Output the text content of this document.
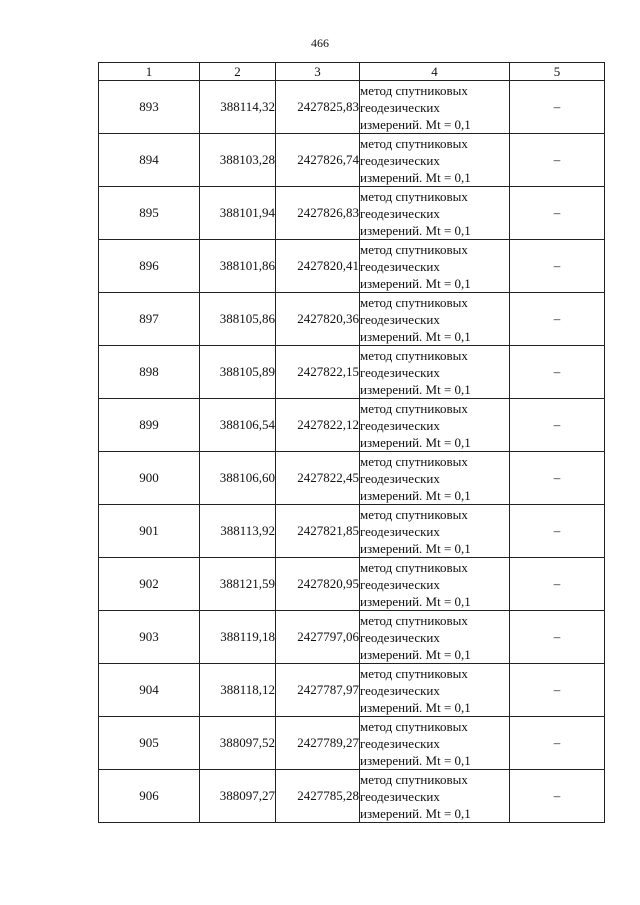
466
1	2	3	4	5
893	388114,32	2427825,83	метод спутниковых
геодезических
измерений. Mt = 0,1	–
894	388103,28	2427826,74	метод спутниковых
геодезических
измерений. Mt = 0,1	–
895	388101,94	2427826,83	метод спутниковых
геодезических
измерений. Mt = 0,1	–
896	388101,86	2427820,41	метод спутниковых
геодезических
измерений. Mt = 0,1	–
897	388105,86	2427820,36	метод спутниковых
геодезических
измерений. Mt = 0,1	–
898	388105,89	2427822,15	метод спутниковых
геодезических
измерений. Mt = 0,1	–
899	388106,54	2427822,12	метод спутниковых
геодезических
измерений. Mt = 0,1	–
900	388106,60	2427822,45	метод спутниковых
геодезических
измерений. Mt = 0,1	–
901	388113,92	2427821,85	метод спутниковых
геодезических
измерений. Mt = 0,1	–
902	388121,59	2427820,95	метод спутниковых
геодезических
измерений. Mt = 0,1	–
903	388119,18	2427797,06	метод спутниковых
геодезических
измерений. Mt = 0,1	–
904	388118,12	2427787,97	метод спутниковых
геодезических
измерений. Mt = 0,1	–
905	388097,52	2427789,27	метод спутниковых
геодезических
измерений. Mt = 0,1	–
906	388097,27	2427785,28	метод спутниковых
геодезических
измерений. Mt = 0,1	–
